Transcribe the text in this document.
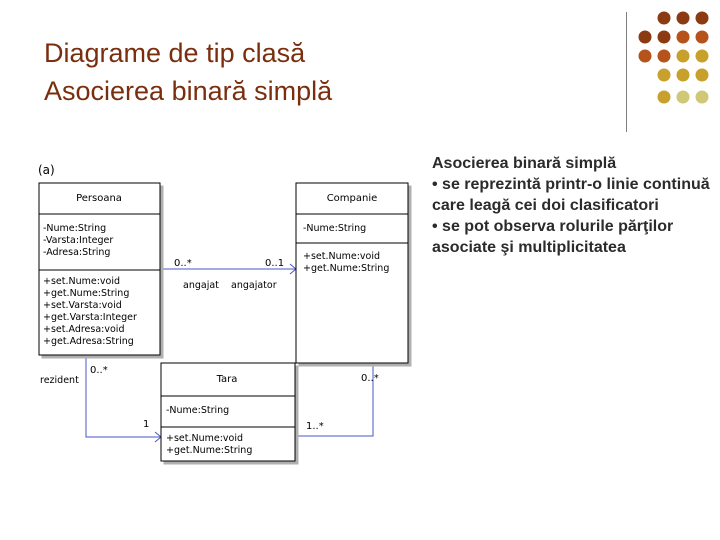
Diagrame de tip clasă
Asocierea binară simplă
(a)
Persoana
-Nume:String
-Varsta:Integer
-Adresa:String
+set.Nume:void
+get.Nume:String
+set.Varsta:void
+get.Varsta:Integer
+set.Adresa:void
+get.Adresa:String
Companie
-Nume:String
+set.Nume:void
+get.Nume:String
Tara
-Nume:String
+set.Nume:void
+get.Nume:String
0..*	0..1
angajat angajator
rezident
0..*
1
0..*
1..*

Asocierea binară simplă

• se reprezintă printr-o linie continuă care leagă cei doi clasificatori

• se pot observa rolurile părţilor asociate şi multiplicitatea
